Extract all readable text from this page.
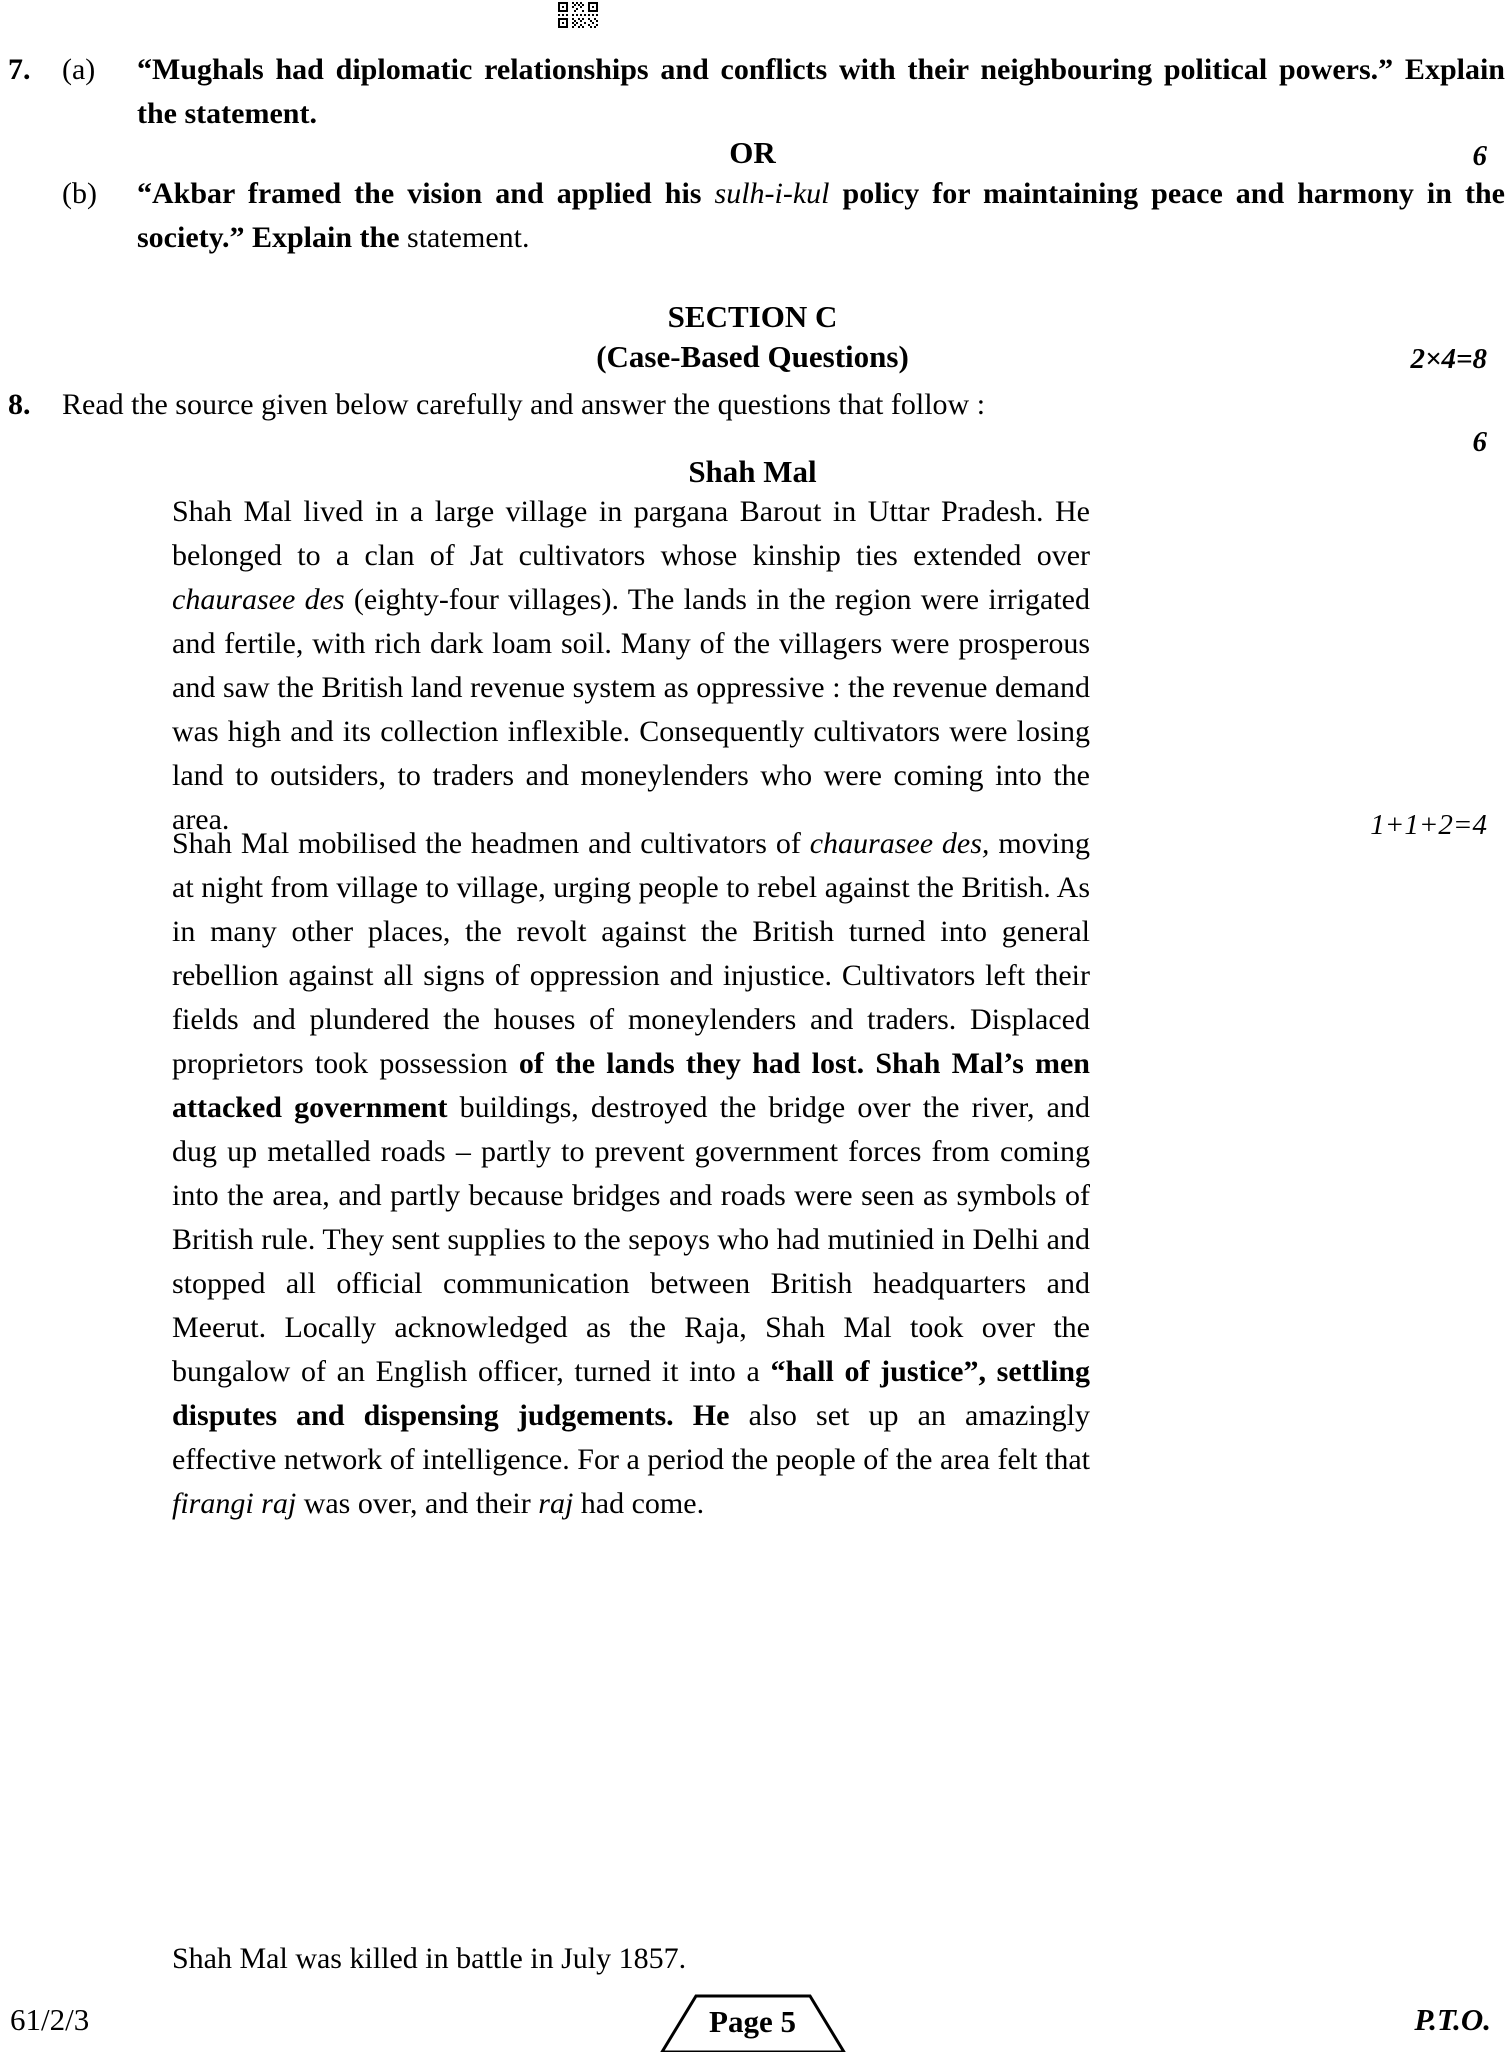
7.	(a)	“Mughals had diplomatic relationships and conflicts with their neighbouring political powers.” Explain the statement.
6
OR
(b)	“Akbar framed the vision and applied his sulh-i-kul policy for maintaining peace and harmony in the society.” Explain the statement.
6
SECTION C
(Case-Based Questions)	2×4=8
8.	Read the source given below carefully and answer the questions that follow :
1+1+2=4
Shah Mal
Shah Mal lived in a large village in pargana Barout in Uttar Pradesh. He belonged to a clan of Jat cultivators whose kinship ties extended over chaurasee des (eighty-four villages). The lands in the region were irrigated and fertile, with rich dark loam soil. Many of the villagers were prosperous and saw the British land revenue system as oppressive : the revenue demand was high and its collection inflexible. Consequently cultivators were losing land to outsiders, to traders and moneylenders who were coming into the area.
Shah Mal mobilised the headmen and cultivators of chaurasee des, moving at night from village to village, urging people to rebel against the British. As in many other places, the revolt against the British turned into general rebellion against all signs of oppression and injustice. Cultivators left their fields and plundered the houses of moneylenders and traders. Displaced proprietors took possession of the lands they had lost. Shah Mal’s men attacked government buildings, destroyed the bridge over the river, and dug up metalled roads – partly to prevent government forces from coming into the area, and partly because bridges and roads were seen as symbols of British rule. They sent supplies to the sepoys who had mutinied in Delhi and stopped all official communication between British headquarters and Meerut. Locally acknowledged as the Raja, Shah Mal took over the bungalow of an English officer, turned it into a “hall of justice”, settling disputes and dispensing judgements. He also set up an amazingly effective network of intelligence. For a period the people of the area felt that firangi raj was over, and their raj had come.
Shah Mal was killed in battle in July 1857.
61/2/3	Page 5	P.T.O.
